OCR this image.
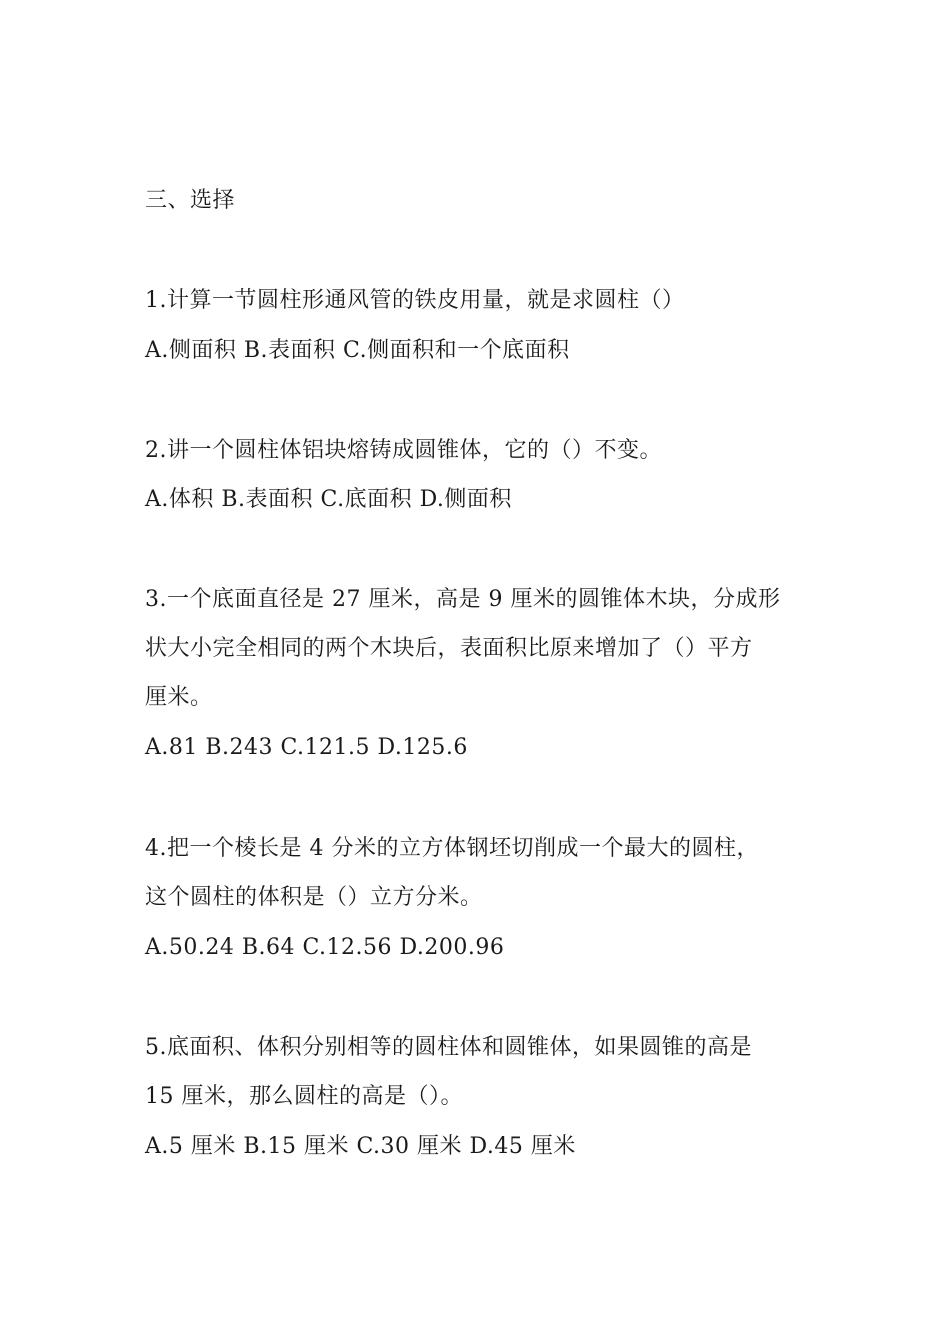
三、选择
1.计算一节圆柱形通风管的铁皮用量，就是求圆柱（）
A.侧面积 B.表面积 C.侧面积和一个底面积
2.讲一个圆柱体铝块熔铸成圆锥体，它的（）不变。
A.体积 B.表面积 C.底面积 D.侧面积
3.一个底面直径是 27 厘米，高是 9 厘米的圆锥体木块，分成形
状大小完全相同的两个木块后，表面积比原来增加了（）平方
厘米。
A.81 B.243 C.121.5 D.125.6
4.把一个棱长是 4 分米的立方体钢坯切削成一个最大的圆柱，
这个圆柱的体积是（）立方分米。
A.50.24 B.64 C.12.56 D.200.96
5.底面积、体积分别相等的圆柱体和圆锥体，如果圆锥的高是
15 厘米，那么圆柱的高是（）。
A.5 厘米 B.15 厘米 C.30 厘米 D.45 厘米
